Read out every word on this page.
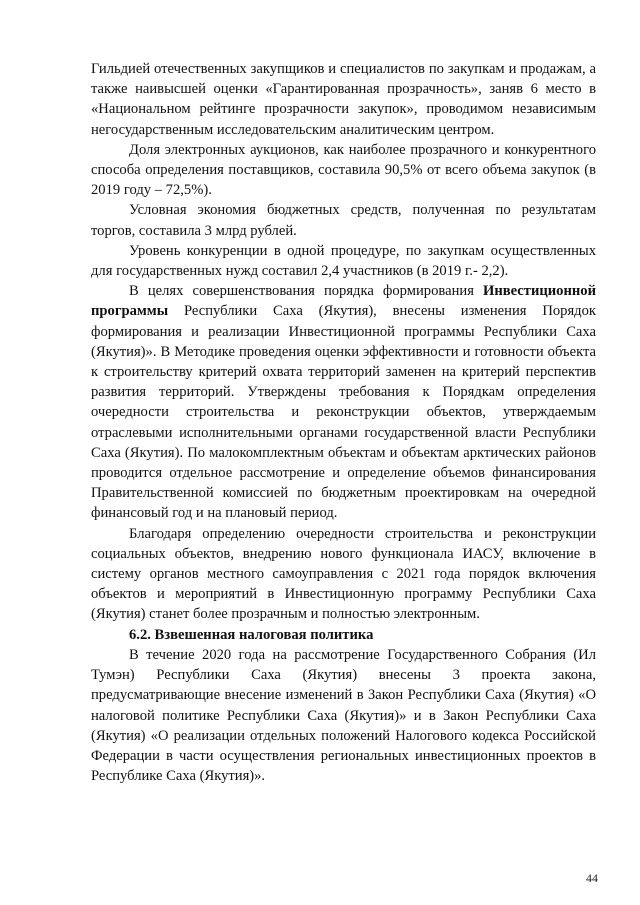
Гильдией отечественных закупщиков и специалистов по закупкам и продажам, а также наивысшей оценки «Гарантированная прозрачность», заняв 6 место в «Национальном рейтинге прозрачности закупок», проводимом независимым негосударственным исследовательским аналитическим центром.

Доля электронных аукционов, как наиболее прозрачного и конкурентного способа определения поставщиков, составила 90,5% от всего объема закупок (в 2019 году – 72,5%).

Условная экономия бюджетных средств, полученная по результатам торгов, составила 3 млрд рублей.

Уровень конкуренции в одной процедуре, по закупкам осуществленных для государственных нужд составил 2,4 участников (в 2019 г.- 2,2).

В целях совершенствования порядка формирования Инвестиционной программы Республики Саха (Якутия), внесены изменения Порядок формирования и реализации Инвестиционной программы Республики Саха (Якутия)». В Методике проведения оценки эффективности и готовности объекта к строительству критерий охвата территорий заменен на критерий перспектив развития территорий. Утверждены требования к Порядкам определения очередности строительства и реконструкции объектов, утверждаемым отраслевыми исполнительными органами государственной власти Республики Саха (Якутия). По малокомплектным объектам и объектам арктических районов проводится отдельное рассмотрение и определение объемов финансирования Правительственной комиссией по бюджетным проектировкам на очередной финансовый год и на плановый период.

Благодаря определению очередности строительства и реконструкции социальных объектов, внедрению нового функционала ИАСУ, включение в систему органов местного самоуправления с 2021 года порядок включения объектов и мероприятий в Инвестиционную программу Республики Саха (Якутия) станет более прозрачным и полностью электронным.

6.2. Взвешенная налоговая политика

В течение 2020 года на рассмотрение Государственного Собрания (Ил Тумэн) Республики Саха (Якутия) внесены 3 проекта закона, предусматривающие внесение изменений в Закон Республики Саха (Якутия) «О налоговой политике Республики Саха (Якутия)» и в Закон Республики Саха (Якутия) «О реализации отдельных положений Налогового кодекса Российской Федерации в части осуществления региональных инвестиционных проектов в Республике Саха (Якутия)».

44
